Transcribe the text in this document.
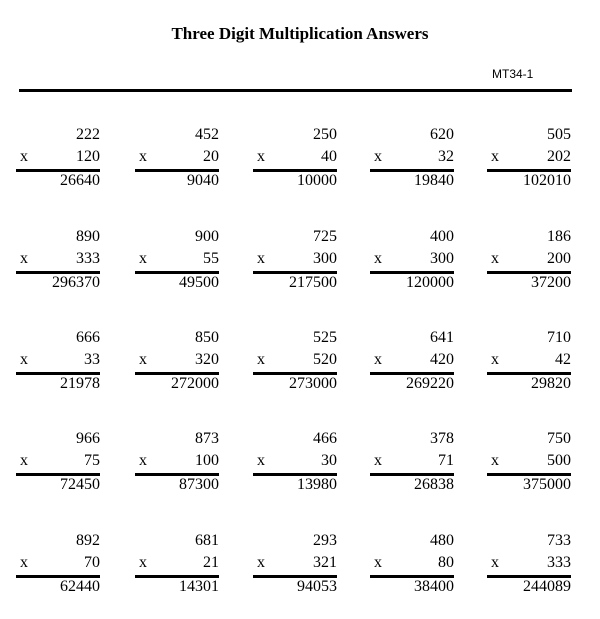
Three Digit Multiplication Answers
MT34-1
222
x	120
26640
452
x	20
9040
250
x	40
10000
620
x	32
19840
505
x	202
102010
890
x	333
296370
900
x	55
49500
725
x	300
217500
400
x	300
120000
186
x	200
37200
666
x	33
21978
850
x	320
272000
525
x	520
273000
641
x	420
269220
710
x	42
29820
966
x	75
72450
873
x	100
87300
466
x	30
13980
378
x	71
26838
750
x	500
375000
892
x	70
62440
681
x	21
14301
293
x	321
94053
480
x	80
38400
733
x	333
244089
